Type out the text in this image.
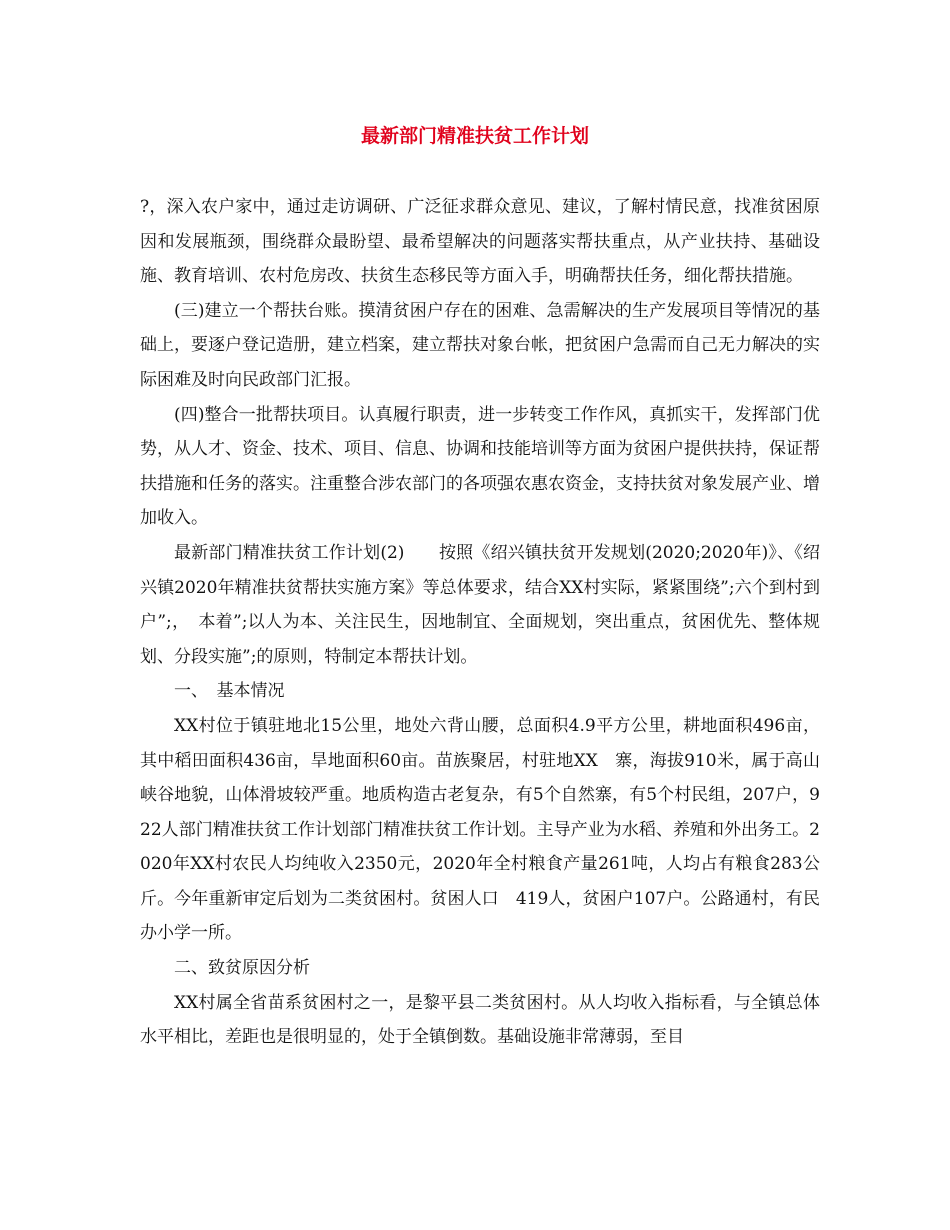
最新部门精准扶贫工作计划

?，深入农户家中，通过走访调研、广泛征求群众意见、建议，了解村情民意，找准贫困原因和发展瓶颈，围绕群众最盼望、最希望解决的问题落实帮扶重点，从产业扶持、基础设施、教育培训、农村危房改、扶贫生态移民等方面入手，明确帮扶任务，细化帮扶措施。

(三)建立一个帮扶台账。摸清贫困户存在的困难、急需解决的生产发展项目等情况的基础上，要逐户登记造册，建立档案，建立帮扶对象台帐，把贫困户急需而自己无力解决的实际困难及时向民政部门汇报。

(四)整合一批帮扶项目。认真履行职责，进一步转变工作作风，真抓实干，发挥部门优势，从人才、资金、技术、项目、信息、协调和技能培训等方面为贫困户提供扶持，保证帮扶措施和任务的落实。注重整合涉农部门的各项强农惠农资金，支持扶贫对象发展产业、增加收入。

最新部门精准扶贫工作计划(2)　　按照《绍兴镇扶贫开发规划(2020;2020年)》、《绍兴镇2020年精准扶贫帮扶实施方案》等总体要求，结合XX村实际，紧紧围绕”;六个到村到户”;，　本着”;以人为本、关注民生，因地制宜、全面规划，突出重点，贫困优先、整体规划、分段实施”;的原则，特制定本帮扶计划。

一、　基本情况

XX村位于镇驻地北15公里，地处六背山腰，总面积4.9平方公里，耕地面积496亩，其中稻田面积436亩，旱地面积60亩。苗族聚居，村驻地XX　寨，海拔910米，属于高山峡谷地貌，山体滑坡较严重。地质构造古老复杂，有5个自然寨，有5个村民组，207户，922人部门精准扶贫工作计划部门精准扶贫工作计划。主导产业为水稻、养殖和外出务工。2020年XX村农民人均纯收入2350元，2020年全村粮食产量261吨，人均占有粮食283公斤。今年重新审定后划为二类贫困村。贫困人口　419人，贫困户107户。公路通村，有民办小学一所。

二、致贫原因分析

XX村属全省苗系贫困村之一，是黎平县二类贫困村。从人均收入指标看，与全镇总体水平相比，差距也是很明显的，处于全镇倒数。基础设施非常薄弱，至目
